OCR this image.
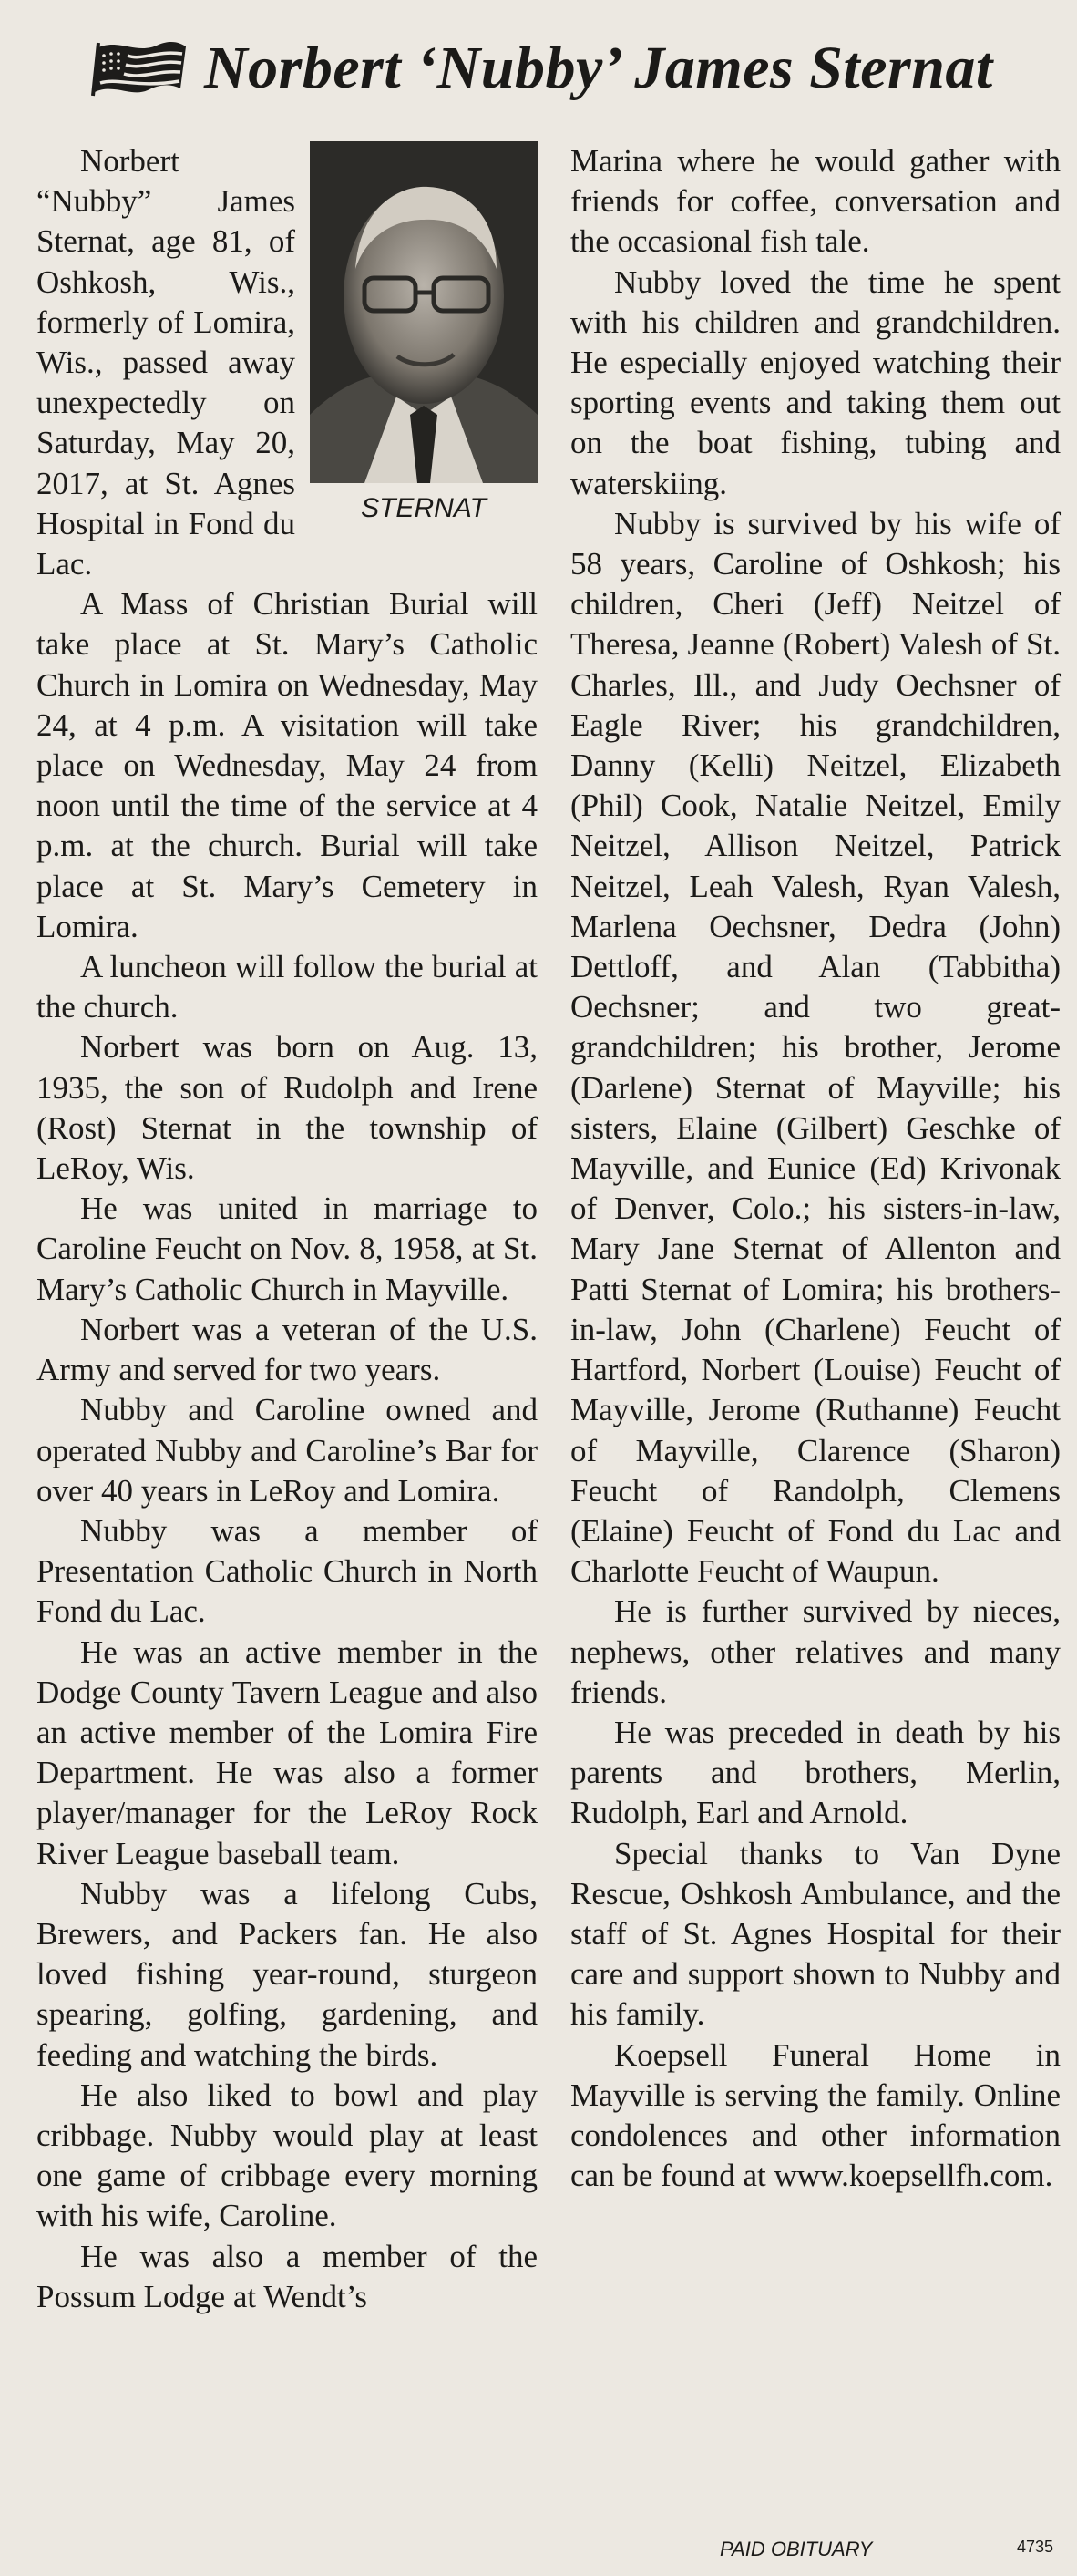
Norbert ‘Nubby’ James Sternat
STERNAT

Norbert “Nubby” James Sternat, age 81, of Oshkosh, Wis., formerly of Lomira, Wis., passed away unexpectedly on Saturday, May 20, 2017, at St. Agnes Hospital in Fond du Lac.

A Mass of Christian Burial will take place at St. Mary’s Catholic Church in Lomira on Wednesday, May 24, at 4 p.m. A visitation will take place on Wednesday, May 24 from noon until the time of the service at 4 p.m. at the church. Burial will take place at St. Mary’s Cemetery in Lomira.

A luncheon will follow the burial at the church.

Norbert was born on Aug. 13, 1935, the son of Rudolph and Irene (Rost) Sternat in the township of LeRoy, Wis.

He was united in marriage to Caroline Feucht on Nov. 8, 1958, at St. Mary’s Catholic Church in Mayville.

Norbert was a veteran of the U.S. Army and served for two years.

Nubby and Caroline owned and operated Nubby and Caroline’s Bar for over 40 years in LeRoy and Lomira.

Nubby was a member of Presentation Catholic Church in North Fond du Lac.

He was an active member in the Dodge County Tavern League and also an active member of the Lomira Fire Department. He was also a former player/manager for the LeRoy Rock River League baseball team.

Nubby was a lifelong Cubs, Brewers, and Packers fan. He also loved fishing year-round, sturgeon spearing, golfing, gardening, and feeding and watching the birds.

He also liked to bowl and play cribbage. Nubby would play at least one game of cribbage every morning with his wife, Caroline.

He was also a member of the Possum Lodge at Wendt’s

Marina where he would gather with friends for coffee, conversation and the occasional fish tale.

Nubby loved the time he spent with his children and grandchildren. He especially enjoyed watching their sporting events and taking them out on the boat fishing, tubing and waterskiing.

Nubby is survived by his wife of 58 years, Caroline of Oshkosh; his children, Cheri (Jeff) Neitzel of Theresa, Jeanne (Robert) Valesh of St. Charles, Ill., and Judy Oechsner of Eagle River; his grandchildren, Danny (Kelli) Neitzel, Elizabeth (Phil) Cook, Natalie Neitzel, Emily Neitzel, Allison Neitzel, Patrick Neitzel, Leah Valesh, Ryan Valesh, Marlena Oechsner, Dedra (John) Dettloff, and Alan (Tabbitha) Oechsner; and two great-grandchildren; his brother, Jerome (Darlene) Sternat of Mayville; his sisters, Elaine (Gilbert) Geschke of Mayville, and Eunice (Ed) Krivonak of Denver, Colo.; his sisters-in-law, Mary Jane Sternat of Allenton and Patti Sternat of Lomira; his brothers-in-law, John (Charlene) Feucht of Hartford, Norbert (Louise) Feucht of Mayville, Jerome (Ruthanne) Feucht of Mayville, Clarence (Sharon) Feucht of Randolph, Clemens (Elaine) Feucht of Fond du Lac and Charlotte Feucht of Waupun.

He is further survived by nieces, nephews, other relatives and many friends.

He was preceded in death by his parents and brothers, Merlin, Rudolph, Earl and Arnold.

Special thanks to Van Dyne Rescue, Oshkosh Ambulance, and the staff of St. Agnes Hospital for their care and support shown to Nubby and his family.

Koepsell Funeral Home in Mayville is serving the family. Online condolences and other information can be found at www.koepsellfh.com.

PAID OBITUARY	4735
